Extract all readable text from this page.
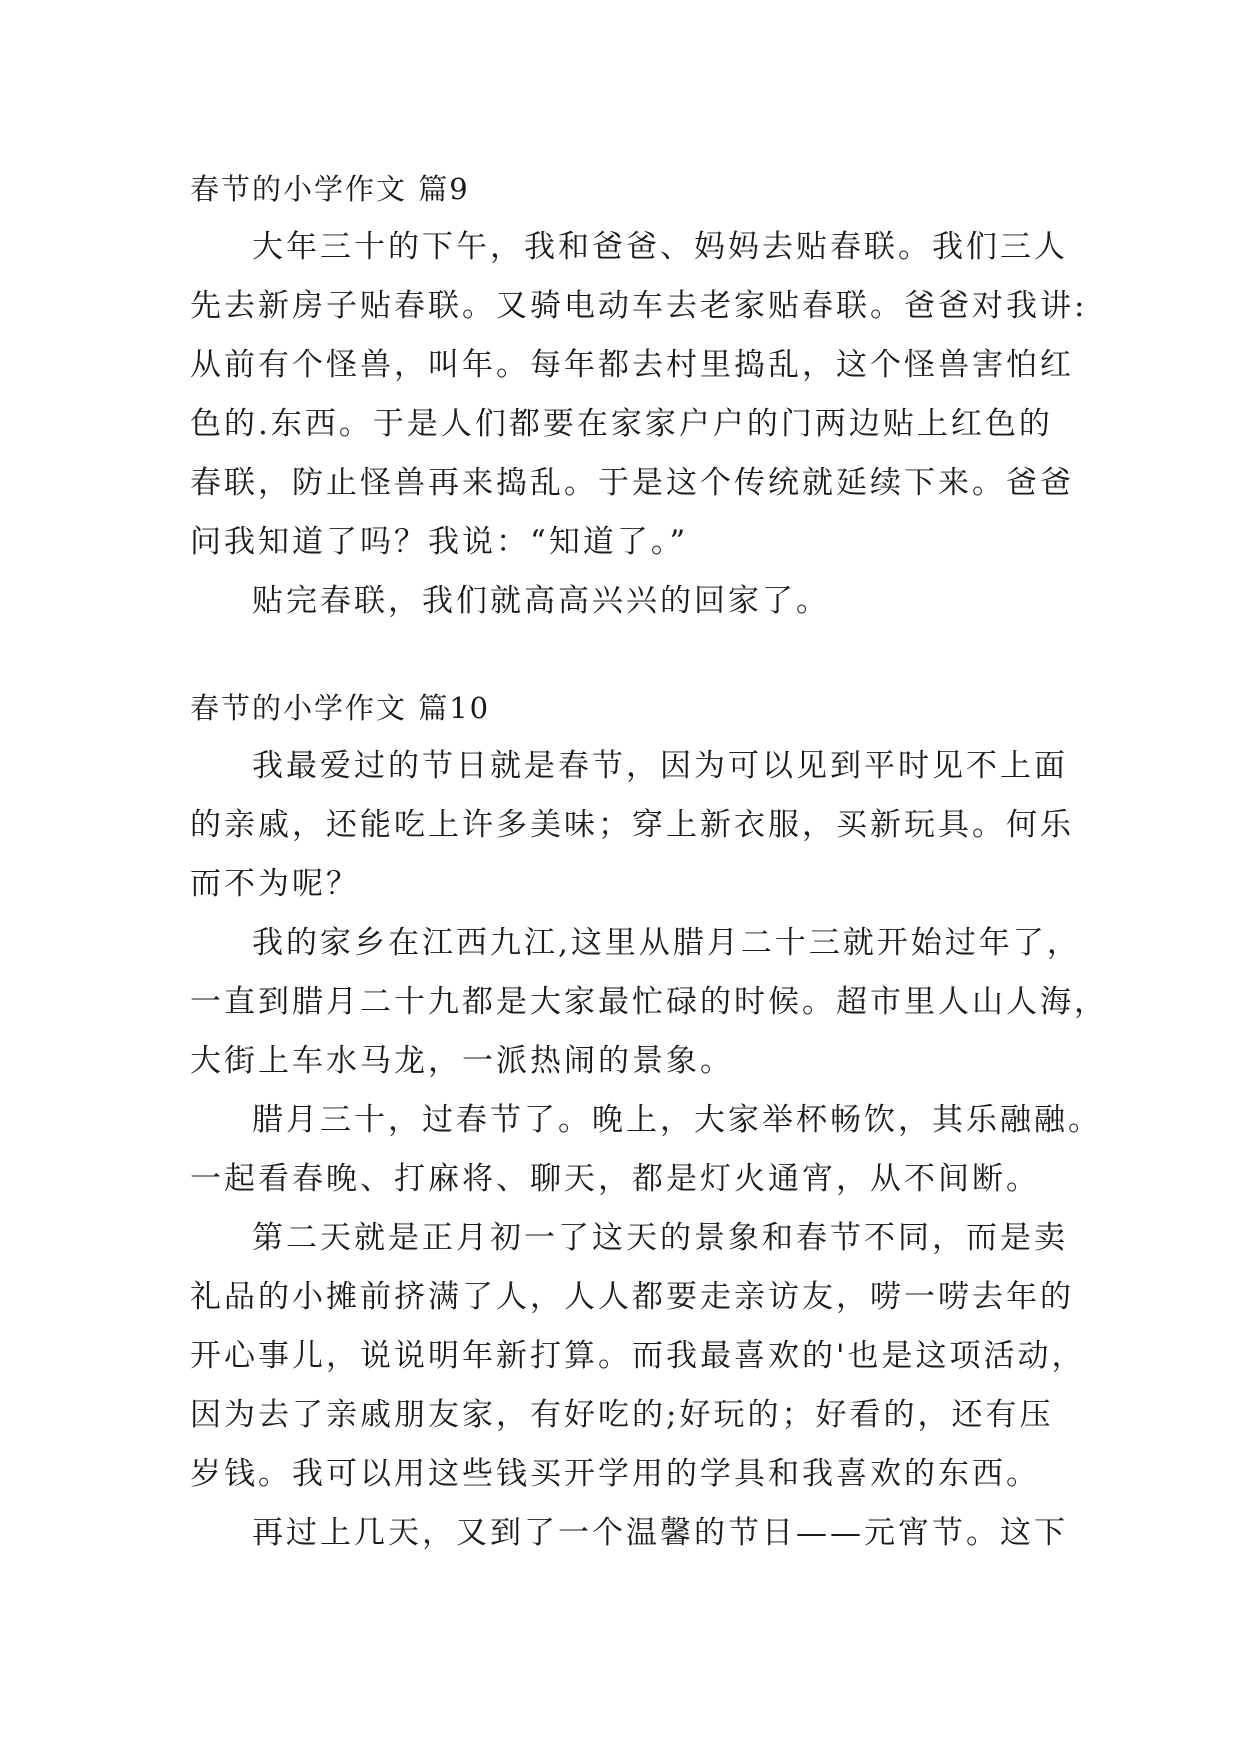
春节的小学作文 篇9

大年三十的下午，我和爸爸、妈妈去贴春联。我们三人
先去新房子贴春联。又骑电动车去老家贴春联。爸爸对我讲:
从前有个怪兽，叫年。每年都去村里捣乱，这个怪兽害怕红
色的.东西。于是人们都要在家家户户的门两边贴上红色的
春联，防止怪兽再来捣乱。于是这个传统就延续下来。爸爸
问我知道了吗？我说：“知道了。”

贴完春联，我们就高高兴兴的回家了。

春节的小学作文 篇10

我最爱过的节日就是春节，因为可以见到平时见不上面
的亲戚，还能吃上许多美味；穿上新衣服，买新玩具。何乐
而不为呢？

我的家乡在江西九江,这里从腊月二十三就开始过年了，
一直到腊月二十九都是大家最忙碌的时候。超市里人山人海，
大街上车水马龙，一派热闹的景象。

腊月三十，过春节了。晚上，大家举杯畅饮，其乐融融。
一起看春晚、打麻将、聊天，都是灯火通宵，从不间断。

第二天就是正月初一了这天的景象和春节不同，而是卖
礼品的小摊前挤满了人，人人都要走亲访友，唠一唠去年的
开心事儿，说说明年新打算。而我最喜欢的'也是这项活动，
因为去了亲戚朋友家，有好吃的;好玩的；好看的，还有压
岁钱。我可以用这些钱买开学用的学具和我喜欢的东西。

再过上几天，又到了一个温馨的节日——元宵节。这下
